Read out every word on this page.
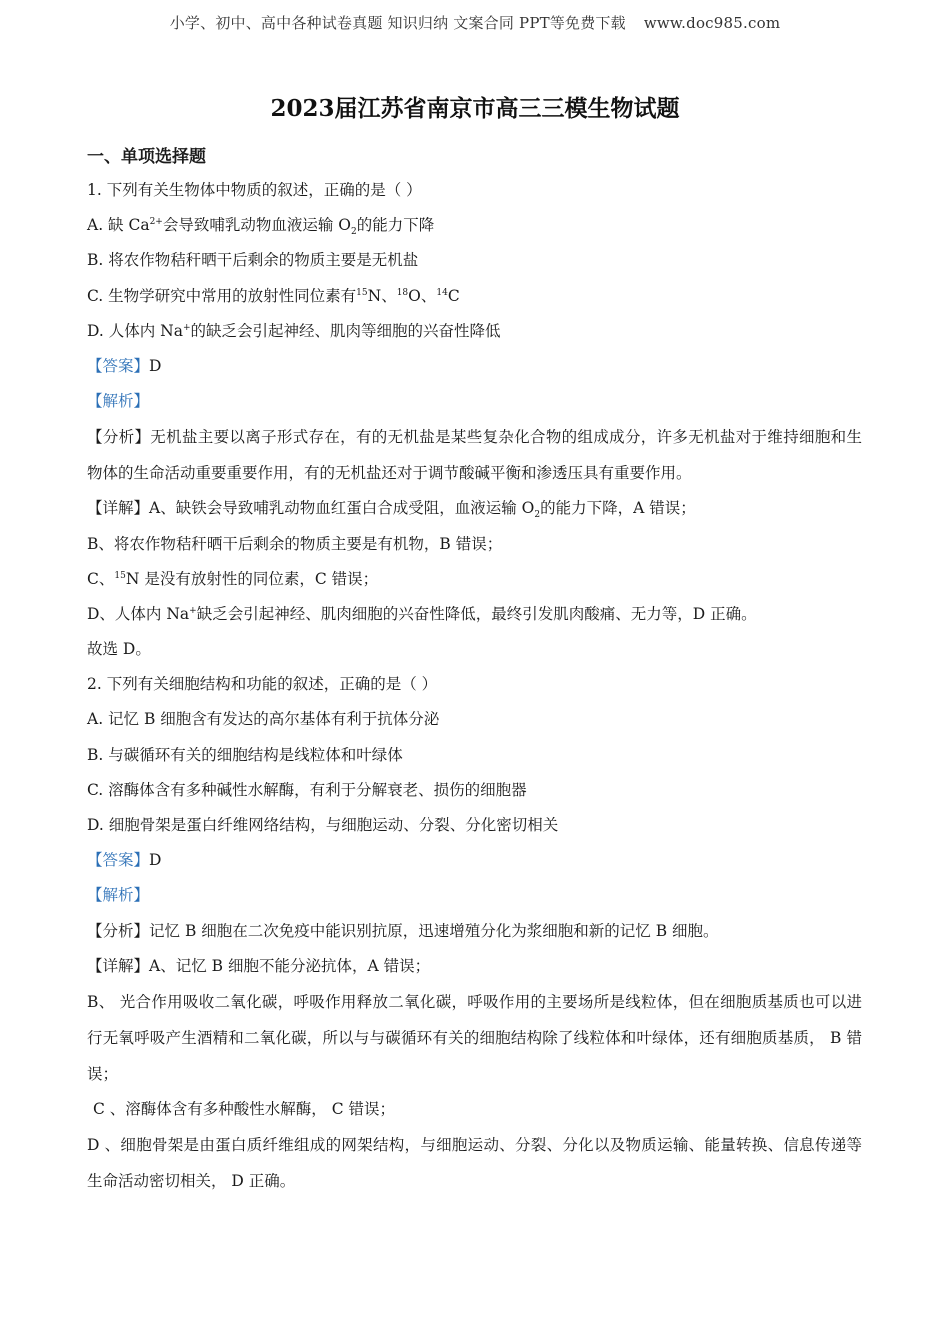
小学、初中、高中各种试卷真题 知识归纳 文案合同 PPT等免费下载 www.doc985.com
2023届江苏省南京市高三三模生物试题
一、单项选择题
1. 下列有关生物体中物质的叙述，正确的是（ ）
A. 缺 $Ca^{2+}$会导致哺乳动物血液运输 $O_2$的能力下降
B. 将农作物秸秆晒干后剩余的物质主要是无机盐
C. 生物学研究中常用的放射性同位素有$^{15}$N、$^{18}$O、$^{14}$C
D. 人体内 Na+的缺乏会引起神经、肌肉等细胞的兴奋性降低
【答案】D
【解析】
【分析】无机盐主要以离子形式存在，有的无机盐是某些复杂化合物的组成成分，许多无机盐对于维持细胞和生物体的生命活动重要重要作用，有的无机盐还对于调节酸碱平衡和渗透压具有重要作用。
【详解】A、缺铁会导致哺乳动物血红蛋白合成受阻，血液运输 $O_2$的能力下降，A 错误；
B、将农作物秸秆晒干后剩余的物质主要是有机物，B 错误；
C、$^{15}$N 是没有放射性的同位素，C 错误；
D、人体内 Na+缺乏会引起神经、肌肉细胞的兴奋性降低，最终引发肌肉酸痛、无力等，D 正确。
故选 D。
2. 下列有关细胞结构和功能的叙述，正确的是（ ）
A. 记忆 B 细胞含有发达的高尔基体有利于抗体分泌
B. 与碳循环有关的细胞结构是线粒体和叶绿体
C. 溶酶体含有多种碱性水解酶，有利于分解衰老、损伤的细胞器
D. 细胞骨架是蛋白纤维网络结构，与细胞运动、分裂、分化密切相关
【答案】D
【解析】
【分析】记忆 B 细胞在二次免疫中能识别抗原，迅速增殖分化为浆细胞和新的记忆 B 细胞。
【详解】A、记忆 B 细胞不能分泌抗体，A 错误；
B、 光合作用吸收二氧化碳，呼吸作用释放二氧化碳，呼吸作用的主要场所是线粒体，但在细胞质基质也可以进行无氧呼吸产生酒精和二氧化碳，所以与与碳循环有关的细胞结构除了线粒体和叶绿体，还有细胞质基质， B 错误；
C 、溶酶体含有多种酸性水解酶， C 错误；
D 、细胞骨架是由蛋白质纤维组成的网架结构，与细胞运动、分裂、分化以及物质运输、能量转换、信息传递等生命活动密切相关， D 正确。
